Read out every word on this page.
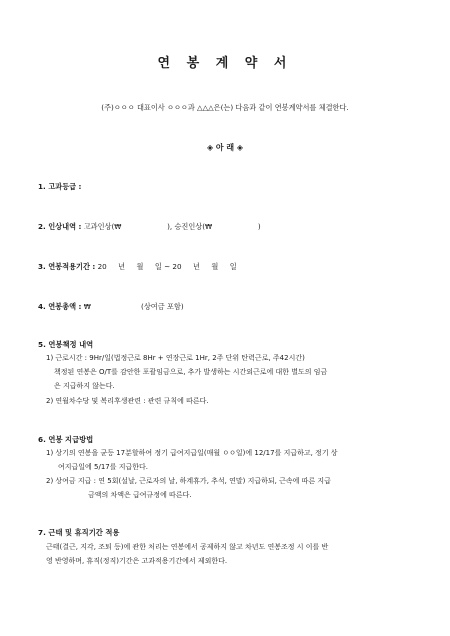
연 봉 계 약 서
(주)ㅇㅇㅇ 대표이사 ㅇㅇㅇ과 △△△은(는) 다음과 같이 연봉계약서를 체결한다.
◈ 아 래 ◈
1. 고과등급 :
2. 인상내역 : 고과인상(₩                    ), 승진인상(₩                    )
3. 연봉적용기간 : 20     년     월     일 ~ 20     년     월     일
4. 연봉총액 : ₩                      (상여금 포함)
5. 연봉책정 내역
1) 근로시간 : 9Hr/일(법정근로 8Hr + 연장근로 1Hr, 2주 단위 탄력근로, 주42시간)
책정된 연봉은 O/T를 감안한 포괄임금으로, 추가 발생하는 시간외근로에 대한 별도의 임금
은 지급하지 않는다.
2) 연월차수당 및 복리후생관련 : 관련 규칙에 따른다.
6. 연봉 지급방법
1) 상기의 연봉을 균등 17분할하여 정기 급여지급일(매월 ㅇㅇ일)에 12/17를 지급하고, 정기 상
여지급일에 5/17를 지급한다.
2) 상여금 지급 : 연 5회(설날, 근로자의 날, 하계휴가, 추석, 연말) 지급하되, 근속에 따른 지급
금액의 차액은 급여규정에 따른다.
7. 근태 및 휴직기간 적용
근태(결근, 지각, 조퇴 등)에 관한 처리는 연봉에서 공제하지 않고 차년도 연봉조정 시 이를 반
영 반영하며, 휴직(정직)기간은 고과적용기간에서 제외한다.
